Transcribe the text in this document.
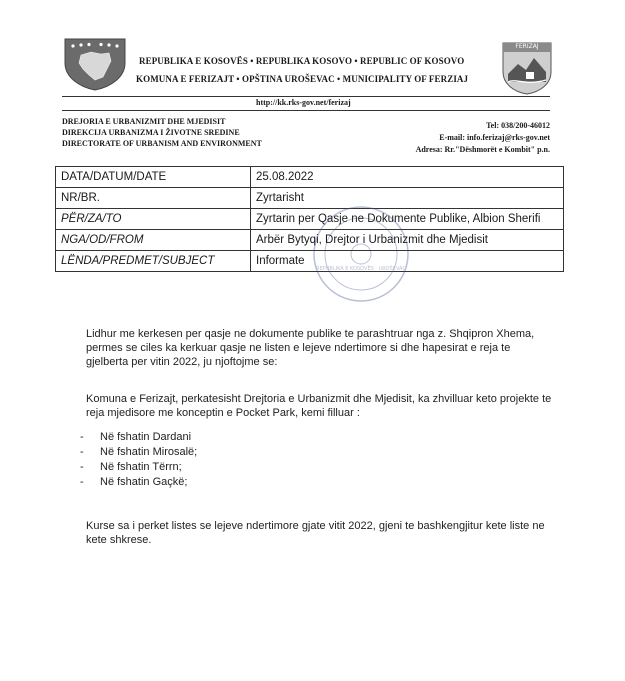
REPUBLIKA E KOSOVËS • REPUBLIKA KOSOVO • REPUBLIC OF KOSOVO
KOMUNA E FERIZAJT • OPŠTINA UROŠEVAC • MUNICIPALITY OF FERZIAJ
FERIZAJ
http://kk.rks-gov.net/ferizaj
DREJORIA E URBANIZMIT DHE MJEDISIT
DIREKCIJA URBANIZMA I ŽIVOTNE SREDINE
DIRECTORATE OF URBANISM AND ENVIRONMENT
Tel: 038/200-46012
E-mail: info.ferizaj@rks-gov.net
Adresa: Rr."Dëshmorët e Kombit" p.n.
DATA/DATUM/DATE	25.08.2022
NR/BR.	Zyrtarisht
PËR/ZA/TO	Zyrtarin per Qasje ne Dokumente Publike, Albion Sherifi
NGA/OD/FROM	Arbër Bytyqi, Drejtor i Urbanizmit dhe Mjedisit
LËNDA/PREDMET/SUBJECT	Informate
REPUBLIKA E KOSOVËS · UROŠEVAC
Lidhur me kerkesen per qasje ne dokumente publike te parashtruar nga z. Shqipron Xhema, permes se ciles ka kerkuar qasje ne listen e lejeve ndertimore si dhe hapesirat e reja te gjelberta per vitin 2022, ju njoftojme se:
Komuna e Ferizajt, perkatesisht Drejtoria e Urbanizmit dhe Mjedisit, ka zhvilluar keto projekte te reja mjedisore me konceptin e Pocket Park, kemi filluar :
- Në fshatin Dardani
- Në fshatin Mirosalë;
- Në fshatin Tërrn;
- Në fshatin Gaçkë;
Kurse sa i perket listes se lejeve ndertimore gjate vitit 2022, gjeni te bashkengjitur kete liste ne kete shkrese.
